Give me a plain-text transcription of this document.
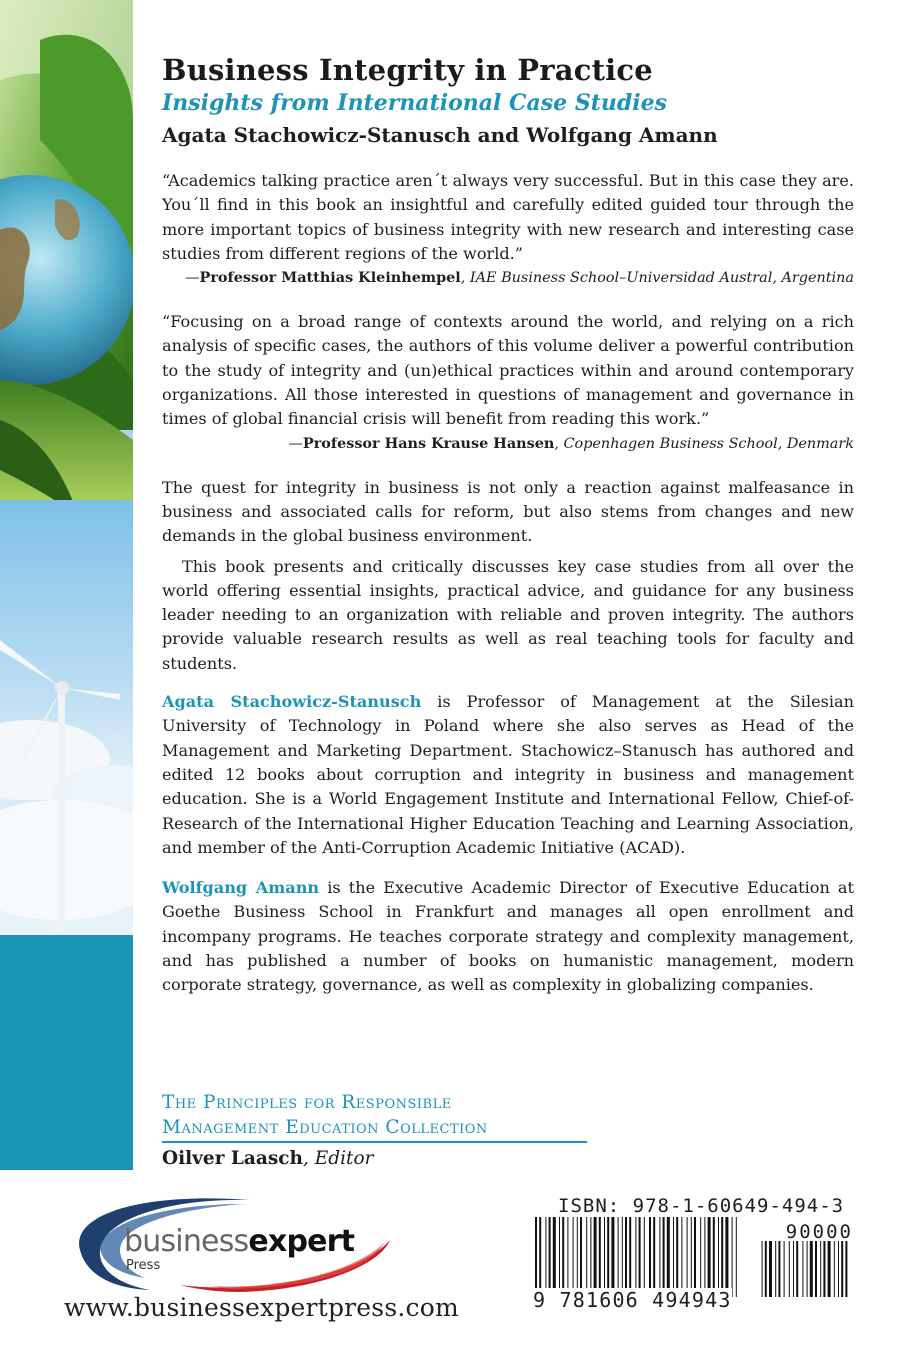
Business Integrity in Practice
Insights from International Case Studies
Agata Stachowicz-Stanusch and Wolfgang Amann

“Academics talking practice aren´t always very successful. But in this case they are. You´ll find in this book an insightful and carefully edited guided tour through the more important topics of business integrity with new research and interesting case studies from different regions of the world.”

—Professor Matthias Kleinhempel, IAE Business School–Universidad Austral, Argentina

“Focusing on a broad range of contexts around the world, and relying on a rich analysis of specific cases, the authors of this volume deliver a powerful contribution to the study of integrity and (un)ethical practices within and around contemporary organizations. All those interested in questions of management and governance in times of global financial crisis will benefit from reading this work.”

—Professor Hans Krause Hansen, Copenhagen Business School, Denmark

The quest for integrity in business is not only a reaction against malfeasance in business and associated calls for reform, but also stems from changes and new demands in the global business environment.

This book presents and critically discusses key case studies from all over the world offering essential insights, practical advice, and guidance for any business leader needing to an organization with reliable and proven integrity. The authors provide valuable research results as well as real teaching tools for faculty and students.

Agata Stachowicz-Stanusch is Professor of Management at the Silesian University of Technology in Poland where she also serves as Head of the Management and Marketing Department. Stachowicz–Stanusch has authored and edited 12 books about corruption and integrity in business and management education. She is a World Engagement Institute and International Fellow, Chief-of-Research of the International Higher Education Teaching and Learning Association, and member of the Anti-Corruption Academic Initiative (ACAD).

Wolfgang Amann is the Executive Academic Director of Executive Education at Goethe Business School in Frankfurt and manages all open enrollment and incompany programs. He teaches corporate strategy and complexity management, and has published a number of books on humanistic management, modern corporate strategy, governance, as well as complexity in globalizing companies.

The Principles for Responsible
Management Education Collection
Oilver Laasch, Editor
businessexpert
Press
www.businessexpertpress.com
ISBN: 978-1-60649-494-3
90000
9 781606 494943
